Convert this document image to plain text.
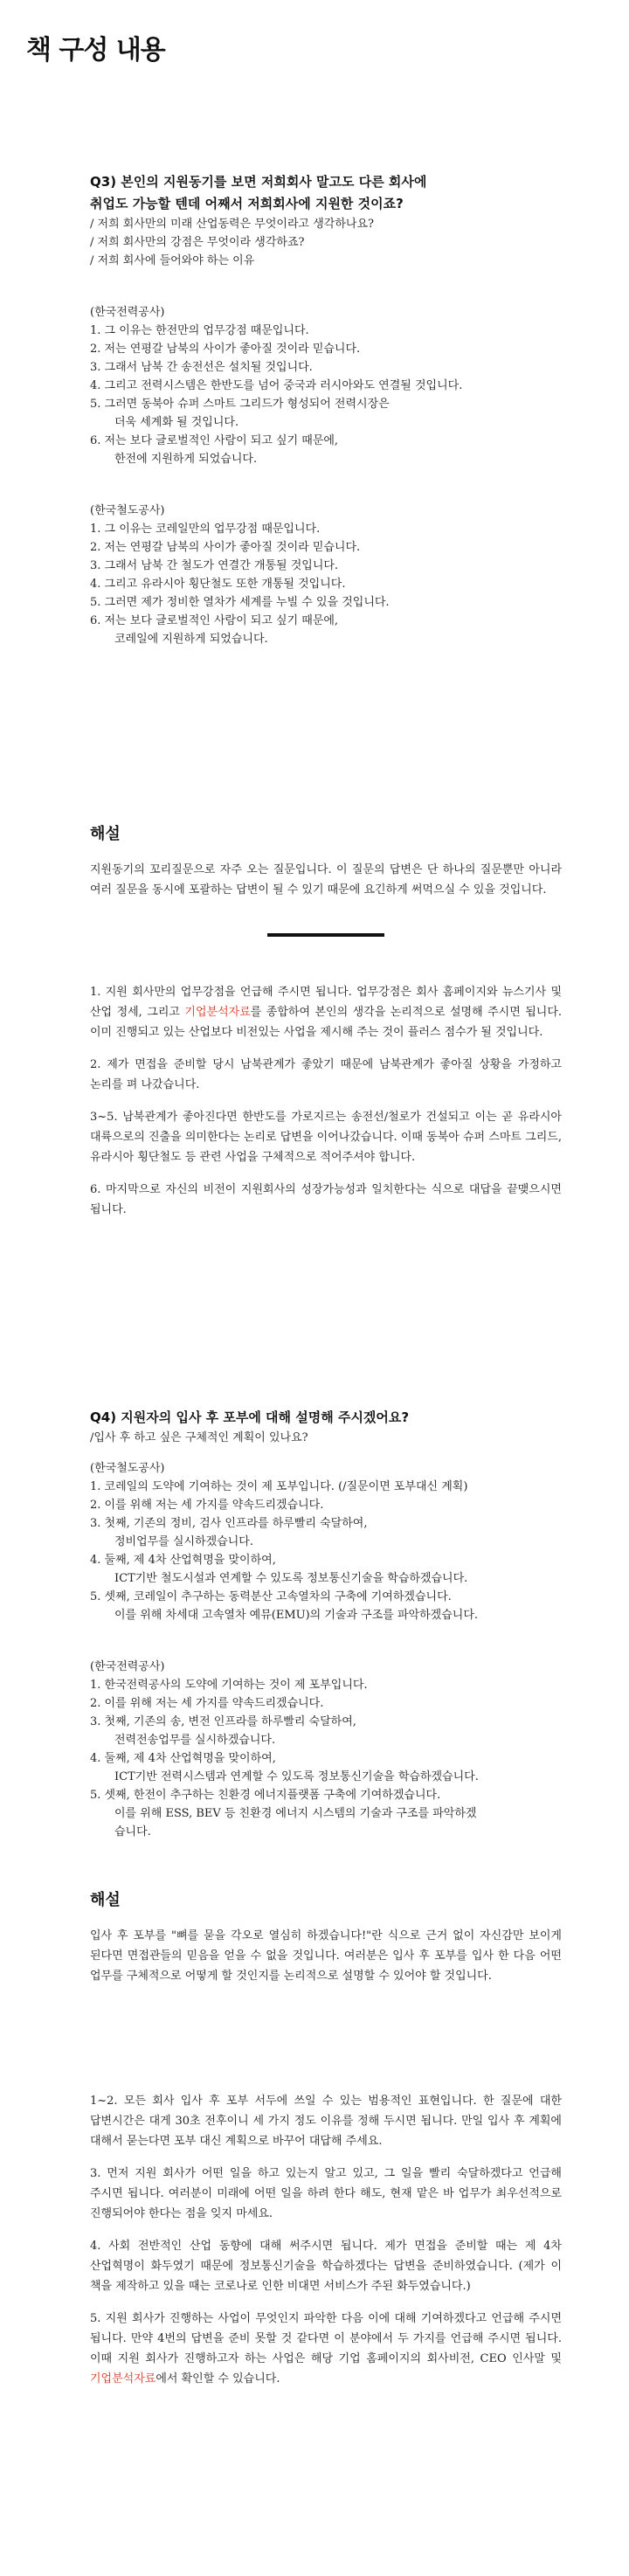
책 구성 내용

Q3) 본인의 지원동기를 보면 저희회사 말고도 다른 회사에

취업도 가능할 텐데 어째서 저희회사에 지원한 것이죠?

/ 저희 회사만의 미래 산업동력은 무엇이라고 생각하나요?

/ 저희 회사만의 강점은 무엇이라 생각하죠?

/ 저희 회사에 들어와야 하는 이유

(한국전력공사)

1. 그 이유는 한전만의 업무강점 때문입니다.

2. 저는 연평갈 남북의 사이가 좋아질 것이라 믿습니다.

3. 그래서 남북 간 송전선은 설치될 것입니다.

4. 그리고 전력시스템은 한반도를 넘어 중국과 러시아와도 연결될 것입니다.

5. 그러면 동북아 슈퍼 스마트 그리드가 형성되어 전력시장은

더욱 세계화 될 것입니다.

6. 저는 보다 글로벌적인 사람이 되고 싶기 때문에,

한전에 지원하게 되었습니다.

(한국철도공사)

1. 그 이유는 코레일만의 업무강점 때문입니다.

2. 저는 연평갈 남북의 사이가 좋아질 것이라 믿습니다.

3. 그래서 남북 간 철도가 연결간 개통될 것입니다.

4. 그리고 유라시아 횡단철도 또한 개통될 것입니다.

5. 그러면 제가 정비한 열차가 세계를 누빌 수 있을 것입니다.

6. 저는 보다 글로벌적인 사람이 되고 싶기 때문에,

코레일에 지원하게 되었습니다.

해설

지원동기의 꼬리질문으로 자주 오는 질문입니다. 이 질문의 답변은 단 하나의 질문뿐만 아니라 여러 질문을 동시에 포괄하는 답변이 될 수 있기 때문에 요긴하게 써먹으실 수 있을 것입니다.

1. 지원 회사만의 업무강점을 언급해 주시면 됩니다. 업무강점은 회사 홈페이지와 뉴스기사 및 산업 정세, 그리고 기업분석자료를 종합하여 본인의 생각을 논리적으로 설명해 주시면 됩니다. 이미 진행되고 있는 산업보다 비전있는 사업을 제시해 주는 것이 플러스 점수가 될 것입니다.

2. 제가 면접을 준비할 당시 남북관계가 좋았기 때문에 남북관계가 좋아질 상황을 가정하고 논리를 펴 나갔습니다.

3~5. 남북관계가 좋아진다면 한반도를 가로지르는 송전선/철로가 건설되고 이는 곧 유라시아 대륙으로의 진출을 의미한다는 논리로 답변을 이어나갔습니다. 이때 동북아 슈퍼 스마트 그리드, 유라시아 횡단철도 등 관련 사업을 구체적으로 적어주셔야 합니다.

6. 마지막으로 자신의 비전이 지원회사의 성장가능성과 일치한다는 식으로 대답을 끝맺으시면 됩니다.

Q4) 지원자의 입사 후 포부에 대해 설명해 주시겠어요?

/입사 후 하고 싶은 구체적인 계획이 있나요?

(한국철도공사)

1. 코레일의 도약에 기여하는 것이 제 포부입니다. (/질문이면 포부대신 계획)

2. 이를 위해 저는 세 가지를 약속드리겠습니다.

3. 첫째, 기존의 정비, 검사 인프라를 하루빨리 숙달하여,

정비업무를 실시하겠습니다.

4. 둘째, 제 4차 산업혁명을 맞이하여,

ICT기반 철도시설과 연계할 수 있도록 정보통신기술을 학습하겠습니다.

5. 셋째, 코레일이 추구하는 동력분산 고속열차의 구축에 기여하겠습니다.

이를 위해 차세대 고속열차 예뮤(EMU)의 기술과 구조를 파악하겠습니다.

(한국전력공사)

1. 한국전력공사의 도약에 기여하는 것이 제 포부입니다.

2. 이를 위해 저는 세 가지를 약속드리겠습니다.

3. 첫째, 기존의 송, 변전 인프라를 하루빨리 숙달하여,

전력전송업무를 실시하겠습니다.

4. 둘째, 제 4차 산업혁명을 맞이하여,

ICT기반 전력시스템과 연계할 수 있도록 정보통신기술을 학습하겠습니다.

5. 셋째, 한전이 추구하는 친환경 에너지플랫폼 구축에 기여하겠습니다.

이를 위해 ESS, BEV 등 친환경 에너지 시스템의 기술과 구조를 파악하겠

습니다.

해설

입사 후 포부를 "뼈를 묻을 각오로 열심히 하겠습니다!"란 식으로 근거 없이 자신감만 보이게 된다면 면접관들의 믿음을 얻을 수 없을 것입니다. 여러분은 입사 후 포부를 입사 한 다음 어떤 업무를 구체적으로 어떻게 할 것인지를 논리적으로 설명할 수 있어야 할 것입니다.

1~2. 모든 회사 입사 후 포부 서두에 쓰일 수 있는 범용적인 표현입니다. 한 질문에 대한 답변시간은 대게 30초 전후이니 세 가지 정도 이유를 정해 두시면 됩니다. 만일 입사 후 계획에 대해서 묻는다면 포부 대신 계획으로 바꾸어 대답해 주세요.

3. 먼저 지원 회사가 어떤 일을 하고 있는지 알고 있고, 그 일을 빨리 숙달하겠다고 언급해 주시면 됩니다. 여러분이 미래에 어떤 일을 하려 한다 해도, 현재 맡은 바 업무가 최우선적으로 진행되어야 한다는 점을 잊지 마세요.

4. 사회 전반적인 산업 동향에 대해 써주시면 됩니다. 제가 면접을 준비할 때는 제 4차 산업혁명이 화두였기 때문에 정보통신기술을 학습하겠다는 답변을 준비하였습니다. (제가 이 책을 제작하고 있을 때는 코로나로 인한 비대면 서비스가 주된 화두였습니다.)

5. 지원 회사가 진행하는 사업이 무엇인지 파악한 다음 이에 대해 기여하겠다고 언급해 주시면 됩니다. 만약 4번의 답변을 준비 못할 것 같다면 이 분야에서 두 가지를 언급해 주시면 됩니다. 이때 지원 회사가 진행하고자 하는 사업은 해당 기업 홈페이지의 회사비전, CEO 인사말 및 기업분석자료에서 확인할 수 있습니다.
